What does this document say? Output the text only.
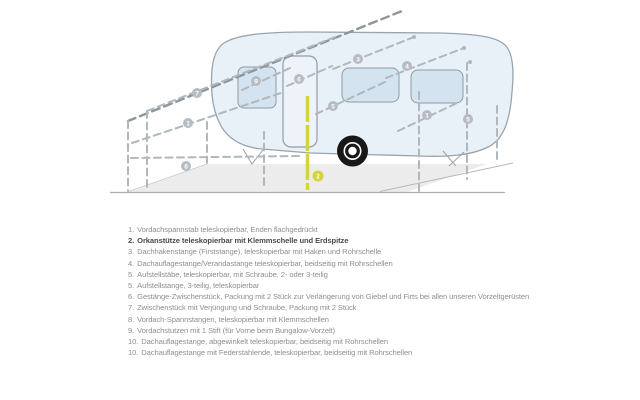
1
7
9	6
3
4
5
1
5
8
2
1. Vordachspannstab teleskopierbar, Enden flachgedrückt
2. Orkanstütze teleskopierbar mit Klemmschelle und Erdspitze
3. Dachhakenstange (Firststange), teleskopierbar mit Haken und Rohrschelle
4. Dachauflagestange/Verandastange teleskopierbar, beidseitig mit Rohrschellen
5. Aufstellstäbe, teleskopierbar, mit Schraube, 2- oder 3-teilig
5. Aufstellstange, 3-teilig, teleskopierbar
6. Gestänge-Zwischenstück, Packung mit 2 Stück zur Verlängerung von Giebel und Firts bei allen unseren Vorzeltgerüsten
7. Zwischenstück mit Verjüngung und Schraube, Packung mit 2 Stück
8. Vordach-Spannstangen, teleskopierbar mit Klemmschellen
9. Vordachstutzen mit 1 Stift (für Vorne beim Bungalow-Vorzelt)
10. Dachauflagestange, abgewinkelt teleskopierbar, beidseitig mit Rohrschellen
10. Dachauflagestange mit Federstahlende, teleskopierbar, beidseitig mit Rohrschellen
